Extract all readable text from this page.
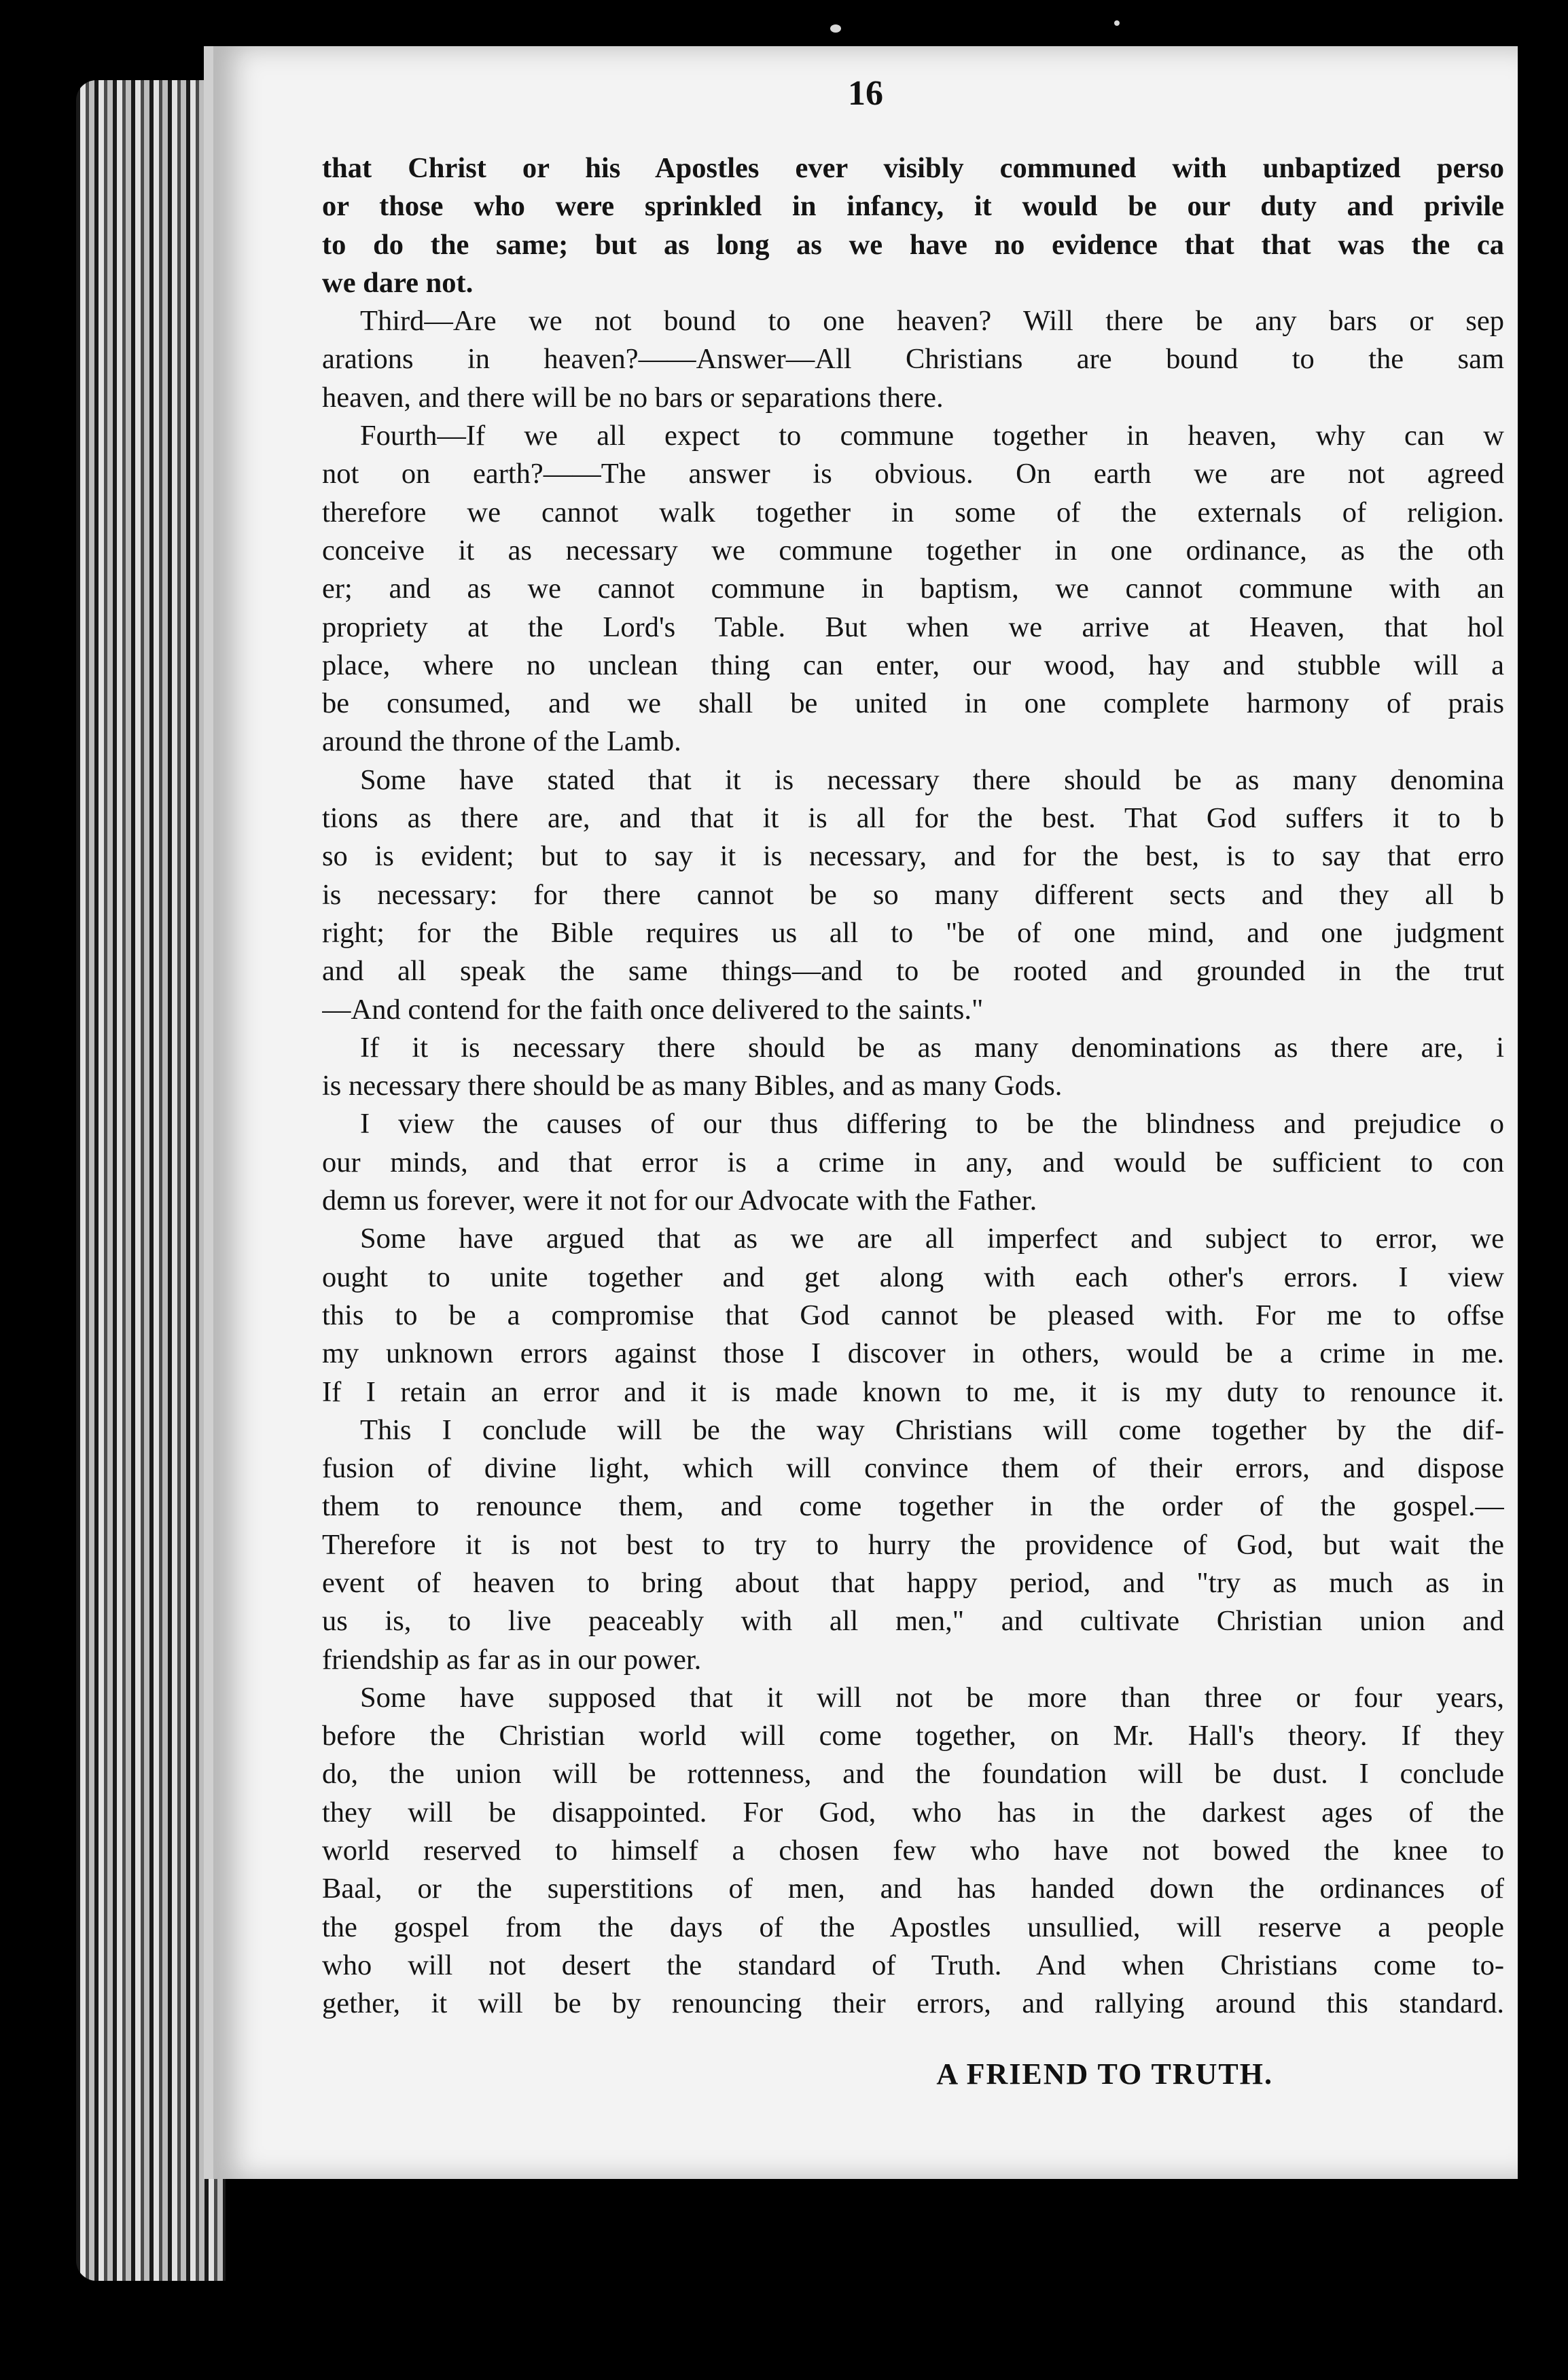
16
that Christ or his Apostles ever visibly communed with unbaptized perso
or those who were sprinkled in infancy, it would be our duty and privile
to do the same; but as long as we have no evidence that that was the ca
we dare not.
Third—Are we not bound to one heaven? Will there be any bars or sep
arations in heaven?——Answer—All Christians are bound to the sam
heaven, and there will be no bars or separations there.
Fourth—If we all expect to commune together in heaven, why can w
not on earth?——The answer is obvious. On earth we are not agreed
therefore we cannot walk together in some of the externals of religion.
conceive it as necessary we commune together in one ordinance, as the oth
er; and as we cannot commune in baptism, we cannot commune with an
propriety at the Lord's Table. But when we arrive at Heaven, that hol
place, where no unclean thing can enter, our wood, hay and stubble will a
be consumed, and we shall be united in one complete harmony of prais
around the throne of the Lamb.
Some have stated that it is necessary there should be as many denomina
tions as there are, and that it is all for the best. That God suffers it to b
so is evident; but to say it is necessary, and for the best, is to say that erro
is necessary: for there cannot be so many different sects and they all b
right; for the Bible requires us all to "be of one mind, and one judgment
and all speak the same things—and to be rooted and grounded in the trut
—And contend for the faith once delivered to the saints."
If it is necessary there should be as many denominations as there are, i
is necessary there should be as many Bibles, and as many Gods.
I view the causes of our thus differing to be the blindness and prejudice o
our minds, and that error is a crime in any, and would be sufficient to con
demn us forever, were it not for our Advocate with the Father.
Some have argued that as we are all imperfect and subject to error, we
ought to unite together and get along with each other's errors. I view
this to be a compromise that God cannot be pleased with. For me to offse
my unknown errors against those I discover in others, would be a crime in me.
If I retain an error and it is made known to me, it is my duty to renounce it.
This I conclude will be the way Christians will come together by the dif-
fusion of divine light, which will convince them of their errors, and dispose
them to renounce them, and come together in the order of the gospel.—
Therefore it is not best to try to hurry the providence of God, but wait the
event of heaven to bring about that happy period, and "try as much as in
us is, to live peaceably with all men," and cultivate Christian union and
friendship as far as in our power.
Some have supposed that it will not be more than three or four years,
before the Christian world will come together, on Mr. Hall's theory. If they
do, the union will be rottenness, and the foundation will be dust. I conclude
they will be disappointed. For God, who has in the darkest ages of the
world reserved to himself a chosen few who have not bowed the knee to
Baal, or the superstitions of men, and has handed down the ordinances of
the gospel from the days of the Apostles unsullied, will reserve a people
who will not desert the standard of Truth. And when Christians come to-
gether, it will be by renouncing their errors, and rallying around this standard.
A FRIEND TO TRUTH.
